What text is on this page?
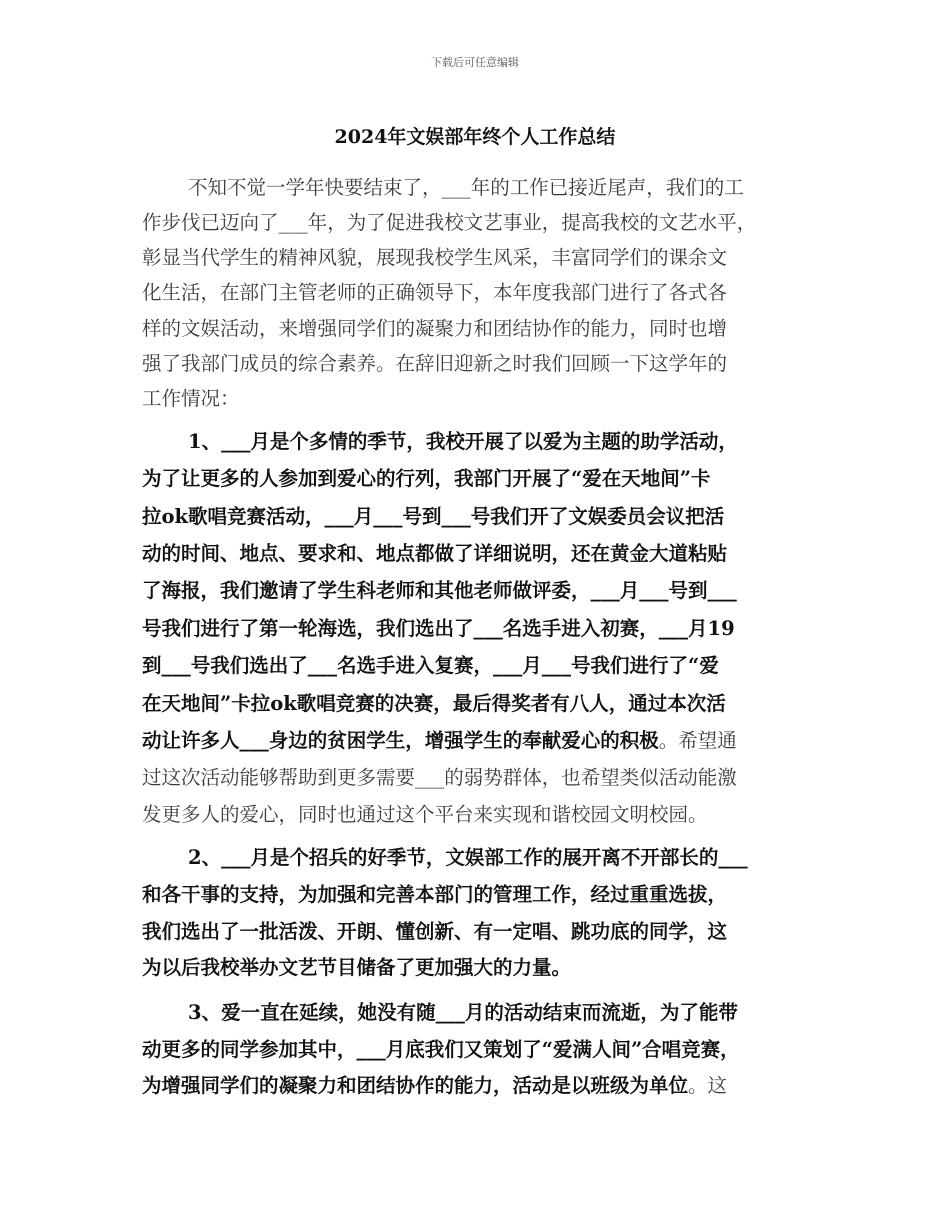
下载后可任意编辑
2024年文娱部年终个人工作总结
不知不觉一学年快要结束了，___年的工作已接近尾声，我们的工
作步伐已迈向了___年，为了促进我校文艺事业，提高我校的文艺水平，
彰显当代学生的精神风貌，展现我校学生风采，丰富同学们的课余文
化生活，在部门主管老师的正确领导下，本年度我部门进行了各式各
样的文娱活动，来增强同学们的凝聚力和团结协作的能力，同时也增
强了我部门成员的综合素养。在辞旧迎新之时我们回顾一下这学年的
工作情况：
1、___月是个多情的季节，我校开展了以爱为主题的助学活动，
为了让更多的人参加到爱心的行列，我部门开展了“爱在天地间”卡
拉ok歌唱竞赛活动，___月___号到___号我们开了文娱委员会议把活
动的时间、地点、要求和、地点都做了详细说明，还在黄金大道粘贴
了海报，我们邀请了学生科老师和其他老师做评委，___月___号到___
号我们进行了第一轮海选，我们选出了___名选手进入初赛，___月19
到___号我们选出了___名选手进入复赛，___月___号我们进行了“爱
在天地间”卡拉ok歌唱竞赛的决赛，最后得奖者有八人，通过本次活
动让许多人___身边的贫困学生，增强学生的奉献爱心的积极。希望通
过这次活动能够帮助到更多需要___的弱势群体，也希望类似活动能激
发更多人的爱心，同时也通过这个平台来实现和谐校园文明校园。
2、___月是个招兵的好季节，文娱部工作的展开离不开部长的___
和各干事的支持，为加强和完善本部门的管理工作，经过重重选拔，
我们选出了一批活泼、开朗、懂创新、有一定唱、跳功底的同学，这
为以后我校举办文艺节目储备了更加强大的力量。
3、爱一直在延续，她没有随___月的活动结束而流逝，为了能带
动更多的同学参加其中，___月底我们又策划了“爱满人间”合唱竞赛，
为增强同学们的凝聚力和团结协作的能力，活动是以班级为单位。这
